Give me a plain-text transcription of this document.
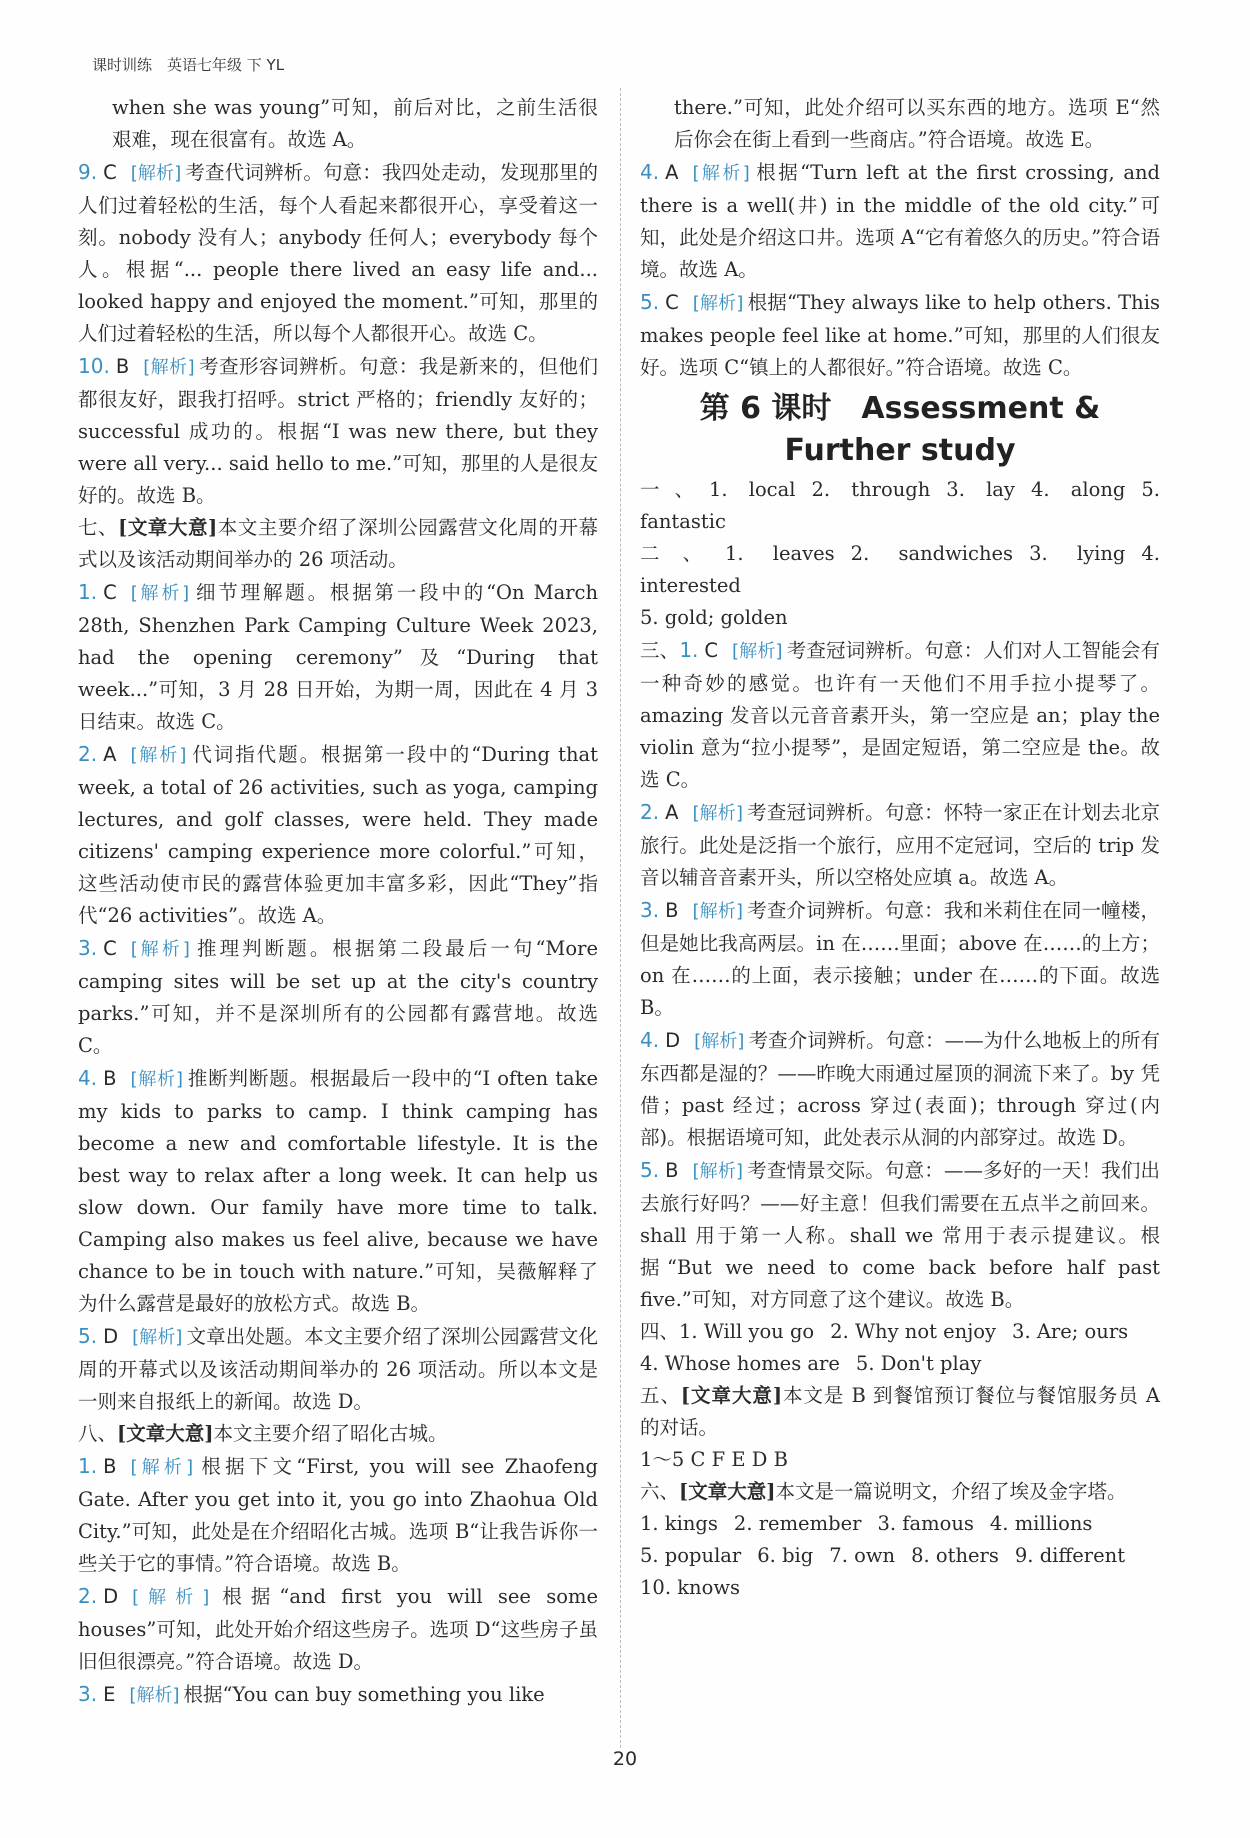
课时训练　英语七年级 下 YL

when she was young”可知，前后对比，之前生活很艰难，现在很富有。故选 A。

9. C [解析] 考查代词辨析。句意：我四处走动，发现那里的人们过着轻松的生活，每个人看起来都很开心，享受着这一刻。nobody 没有人；anybody 任何人；everybody 每个人。根据“... people there lived an easy life and... looked happy and enjoyed the moment.”可知，那里的人们过着轻松的生活，所以每个人都很开心。故选 C。

10. B [解析] 考查形容词辨析。句意：我是新来的，但他们都很友好，跟我打招呼。strict 严格的；friendly 友好的；successful 成功的。根据“I was new there, but they were all very... said hello to me.”可知，那里的人是很友好的。故选 B。

七、[文章大意]本文主要介绍了深圳公园露营文化周的开幕式以及该活动期间举办的 26 项活动。

1. C [解析] 细节理解题。根据第一段中的“On March 28th, Shenzhen Park Camping Culture Week 2023, had the opening ceremony”及“During that week...”可知，3 月 28 日开始，为期一周，因此在 4 月 3 日结束。故选 C。

2. A [解析] 代词指代题。根据第一段中的“During that week, a total of 26 activities, such as yoga, camping lectures, and golf classes, were held. They made citizens' camping experience more colorful.”可知，这些活动使市民的露营体验更加丰富多彩，因此“They”指代“26 activities”。故选 A。

3. C [解析] 推理判断题。根据第二段最后一句“More camping sites will be set up at the city's country parks.”可知，并不是深圳所有的公园都有露营地。故选 C。

4. B [解析] 推断判断题。根据最后一段中的“I often take my kids to parks to camp. I think camping has become a new and comfortable lifestyle. It is the best way to relax after a long week. It can help us slow down. Our family have more time to talk. Camping also makes us feel alive, because we have chance to be in touch with nature.”可知，吴薇解释了为什么露营是最好的放松方式。故选 B。

5. D [解析] 文章出处题。本文主要介绍了深圳公园露营文化周的开幕式以及该活动期间举办的 26 项活动。所以本文是一则来自报纸上的新闻。故选 D。

八、[文章大意]本文主要介绍了昭化古城。

1. B [解析] 根据下文“First, you will see Zhaofeng Gate. After you get into it, you go into Zhaohua Old City.”可知，此处是在介绍昭化古城。选项 B“让我告诉你一些关于它的事情。”符合语境。故选 B。

2. D [解析] 根据“and first you will see some houses”可知，此处开始介绍这些房子。选项 D“这些房子虽旧但很漂亮。”符合语境。故选 D。

3. E [解析] 根据“You can buy something you like

there.”可知，此处介绍可以买东西的地方。选项 E“然后你会在街上看到一些商店。”符合语境。故选 E。

4. A [解析] 根据“Turn left at the first crossing, and there is a well(井) in the middle of the old city.”可知，此处是介绍这口井。选项 A“它有着悠久的历史。”符合语境。故选 A。

5. C [解析] 根据“They always like to help others. This makes people feel like at home.”可知，那里的人们很友好。选项 C“镇上的人都很好。”符合语境。故选 C。

第 6 课时　Assessment &
Further study

一、1. local 2. through 3. lay 4. along 5. fantastic

二、1. leaves 2. sandwiches 3. lying 4. interested
5. gold; golden

三、1. C [解析] 考查冠词辨析。句意：人们对人工智能会有一种奇妙的感觉。也许有一天他们不用手拉小提琴了。amazing 发音以元音音素开头，第一空应是 an；play the violin 意为“拉小提琴”，是固定短语，第二空应是 the。故选 C。

2. A [解析] 考查冠词辨析。句意：怀特一家正在计划去北京旅行。此处是泛指一个旅行，应用不定冠词，空后的 trip 发音以辅音音素开头，所以空格处应填 a。故选 A。

3. B [解析] 考查介词辨析。句意：我和米莉住在同一幢楼，但是她比我高两层。in 在……里面；above 在……的上方；on 在……的上面，表示接触；under 在……的下面。故选 B。

4. D [解析] 考查介词辨析。句意：——为什么地板上的所有东西都是湿的？——昨晚大雨通过屋顶的洞流下来了。by 凭借；past 经过；across 穿过(表面)；through 穿过(内部)。根据语境可知，此处表示从洞的内部穿过。故选 D。

5. B [解析] 考查情景交际。句意：——多好的一天！我们出去旅行好吗？——好主意！但我们需要在五点半之前回来。shall 用于第一人称。shall we 常用于表示提建议。根据“But we need to come back before half past five.”可知，对方同意了这个建议。故选 B。

四、1. Will you go 2. Why not enjoy 3. Are; ours
4. Whose homes are 5. Don't play

五、[文章大意]本文是 B 到餐馆预订餐位与餐馆服务员 A 的对话。
1～5 C F E D B

六、[文章大意]本文是一篇说明文，介绍了埃及金字塔。

1. kings 2. remember 3. famous 4. millions

5. popular 6. big 7. own 8. others 9. different

10. knows

20
